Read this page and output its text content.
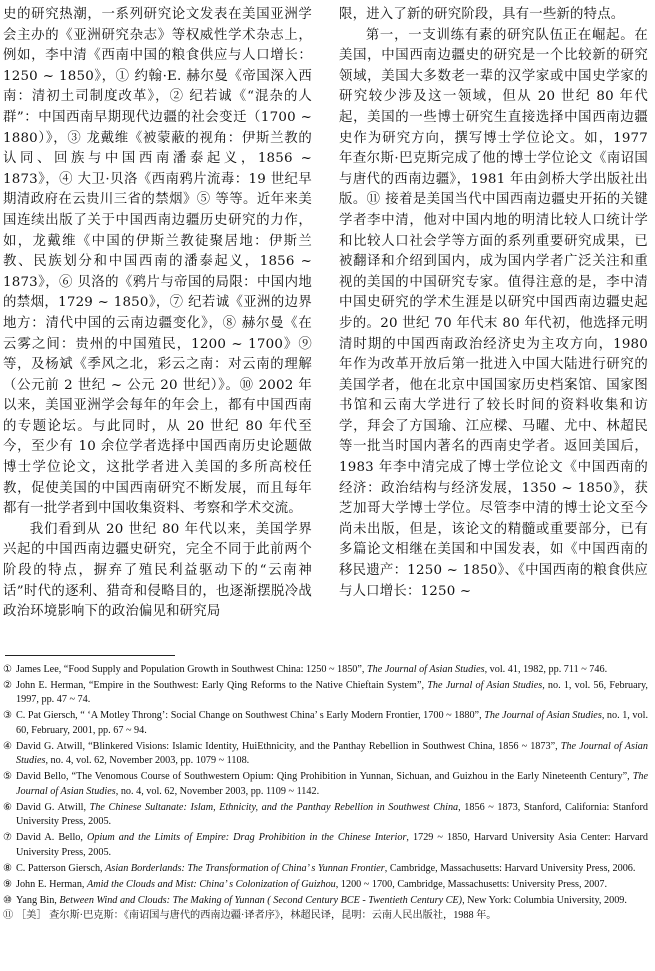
史的研究热潮，一系列研究论文发表在美国亚洲学会主办的《亚洲研究杂志》等权威性学术杂志上，例如，李中清《西南中国的粮食供应与人口增长：1250 ~ 1850》，① 约翰·E. 赫尔曼《帝国深入西南：清初土司制度改革》，② 纪若诚《“混杂的人群”：中国西南早期现代边疆的社会变迁（1700 ~ 1880）》，③ 龙戴维《被蒙蔽的视角：伊斯兰教的认同、回族与中国西南潘泰起义，1856 ~ 1873》，④ 大卫·贝洛《西南鸦片流毒：19 世纪早期清政府在云贵川三省的禁烟》⑤ 等等。近年来美国连续出版了关于中国西南边疆历史研究的力作，如，龙戴维《中国的伊斯兰教徒聚居地：伊斯兰教、民族划分和中国西南的潘泰起义，1856 ~ 1873》，⑥ 贝洛的《鸦片与帝国的局限：中国内地的禁烟，1729 ~ 1850》，⑦ 纪若诚《亚洲的边界地方：清代中国的云南边疆变化》，⑧ 赫尔曼《在云雾之间：贵州的中国殖民，1200 ~ 1700》⑨ 等，及杨斌《季风之北，彩云之南：对云南的理解（公元前 2 世纪 ~ 公元 20 世纪）》。⑩ 2002 年以来，美国亚洲学会每年的年会上，都有中国西南的专题论坛。与此同时，从 20 世纪 80 年代至今，至少有 10 余位学者选择中国西南历史论题做博士学位论文，这批学者进入美国的多所高校任教，促使美国的中国西南研究不断发展，而且每年都有一批学者到中国收集资料、考察和学术交流。

我们看到从 20 世纪 80 年代以来，美国学界兴起的中国西南边疆史研究，完全不同于此前两个阶段的特点，摒弃了殖民利益驱动下的“云南神话”时代的逐利、猎奇和侵略目的，也逐渐摆脱冷战政治环境影响下的政治偏见和研究局

限，进入了新的研究阶段，具有一些新的特点。

第一，一支训练有素的研究队伍正在崛起。在美国，中国西南边疆史的研究是一个比较新的研究领域，美国大多数老一辈的汉学家或中国史学家的研究较少涉及这一领域，但从 20 世纪 80 年代起，美国的一些博士研究生直接选择中国西南边疆史作为研究方向，撰写博士学位论文。如，1977 年查尔斯·巴克斯完成了他的博士学位论文《南诏国与唐代的西南边疆》，1981 年由剑桥大学出版社出版。⑪ 接着是美国当代中国西南边疆史开拓的关键学者李中清，他对中国内地的明清比较人口统计学和比较人口社会学等方面的系列重要研究成果，已被翻译和介绍到国内，成为国内学者广泛关注和重视的美国的中国研究专家。值得注意的是，李中清中国史研究的学术生涯是以研究中国西南边疆史起步的。20 世纪 70 年代末 80 年代初，他选择元明清时期的中国西南政治经济史为主攻方向，1980 年作为改革开放后第一批进入中国大陆进行研究的美国学者，他在北京中国国家历史档案馆、国家图书馆和云南大学进行了较长时间的资料收集和访学，拜会了方国瑜、江应樑、马曜、尤中、林超民等一批当时国内著名的西南史学者。返回美国后，1983 年李中清完成了博士学位论文《中国西南的经济：政治结构与经济发展，1350 ~ 1850》，获芝加哥大学博士学位。尽管李中清的博士论文至今尚未出版，但是，该论文的精髓或重要部分，已有多篇论文相继在美国和中国发表，如《中国西南的移民遗产：1250 ~ 1850》、《中国西南的粮食供应与人口增长：1250 ~

① James Lee, “Food Supply and Population Growth in Southwest China: 1250 ~ 1850”, The Journal of Asian Studies, vol. 41, 1982, pp. 711 ~ 746.

② John E. Herman, “Empire in the Southwest: Early Qing Reforms to the Native Chieftain System”, The Jurnal of Asian Studies, no. 1, vol. 56, February, 1997, pp. 47 ~ 74.

③ C. Pat Giersch, “ ‘A Motley Throng’: Social Change on Southwest China’ s Early Modern Frontier, 1700 ~ 1880”, The Journal of Asian Studies, no. 1, vol. 60, February, 2001, pp. 67 ~ 94.

④ David G. Atwill, “Blinkered Visions: Islamic Identity, HuiEthnicity, and the Panthay Rebellion in Southwest China, 1856 ~ 1873”, The Journal of Asian Studies, no. 4, vol. 62, November 2003, pp. 1079 ~ 1108.

⑤ David Bello, “The Venomous Course of Southwestern Opium: Qing Prohibition in Yunnan, Sichuan, and Guizhou in the Early Nineteenth Century”, The Journal of Asian Studies, no. 4, vol. 62, November 2003, pp. 1109 ~ 1142.

⑥ David G. Atwill, The Chinese Sultanate: Islam, Ethnicity, and the Panthay Rebellion in Southwest China, 1856 ~ 1873, Stanford, California: Stanford University Press, 2005.

⑦ David A. Bello, Opium and the Limits of Empire: Drag Prohibition in the Chinese Interior, 1729 ~ 1850, Harvard University Asia Center: Harvard University Press, 2005.

⑧ C. Patterson Giersch, Asian Borderlands: The Transformation of China’ s Yunnan Frontier, Cambridge, Massachusetts: Harvard University Press, 2006.

⑨ John E. Herman, Amid the Clouds and Mist: China’ s Colonization of Guizhou, 1200 ~ 1700, Cambridge, Massachusetts: University Press, 2007.

⑩ Yang Bin, Between Wind and Clouds: The Making of Yunnan ( Second Century BCE - Twentieth Century CE), New York: Columbia University, 2009.

⑪ ［美］ 查尔斯·巴克斯：《南诏国与唐代的西南边疆·译者序》，林超民译，昆明：云南人民出版社，1988 年。
